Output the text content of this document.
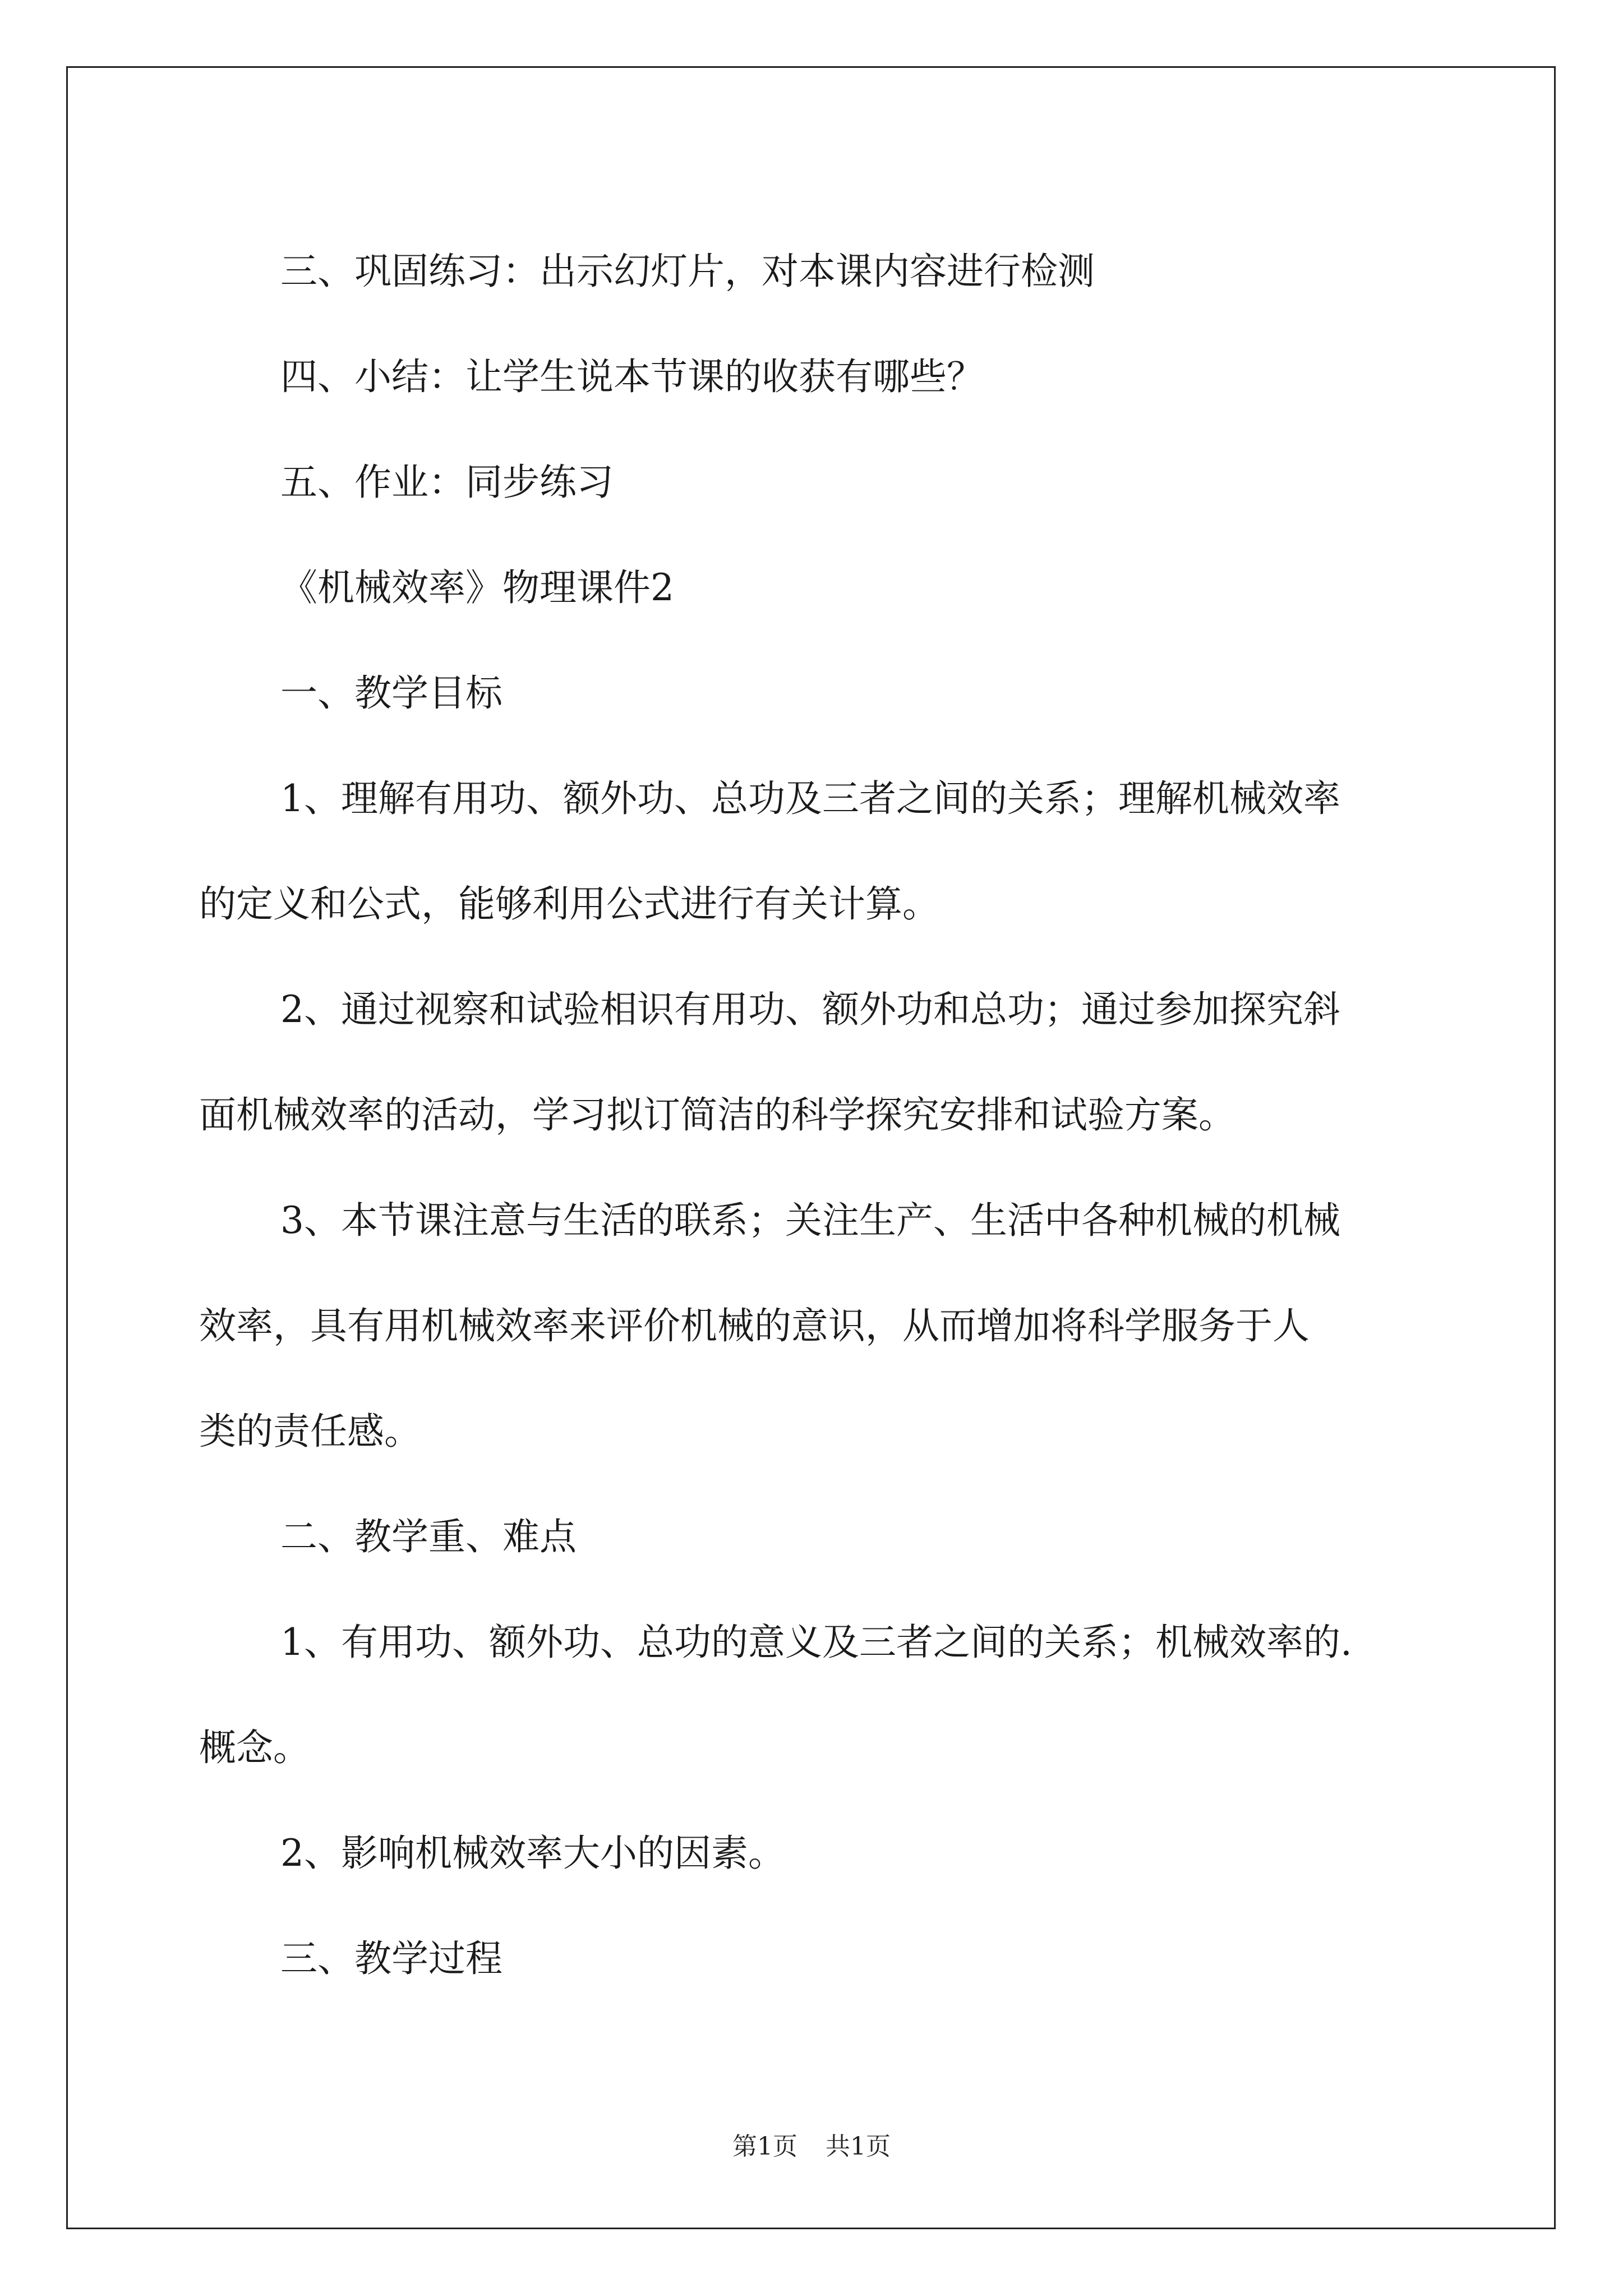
三、巩固练习：出示幻灯片，对本课内容进行检测
四、小结：让学生说本节课的收获有哪些？
五、作业：同步练习
《机械效率》物理课件2
一、教学目标
1、理解有用功、额外功、总功及三者之间的关系；理解机械效率
的定义和公式，能够利用公式进行有关计算。
2、通过视察和试验相识有用功、额外功和总功；通过参加探究斜
面机械效率的活动，学习拟订简洁的科学探究安排和试验方案。
3、本节课注意与生活的联系；关注生产、生活中各种机械的机械
效率，具有用机械效率来评价机械的意识，从而增加将科学服务于人
类的责任感。
二、教学重、难点
1、有用功、额外功、总功的意义及三者之间的关系；机械效率的.
概念。
2、影响机械效率大小的因素。
三、教学过程
第1页 共1页
